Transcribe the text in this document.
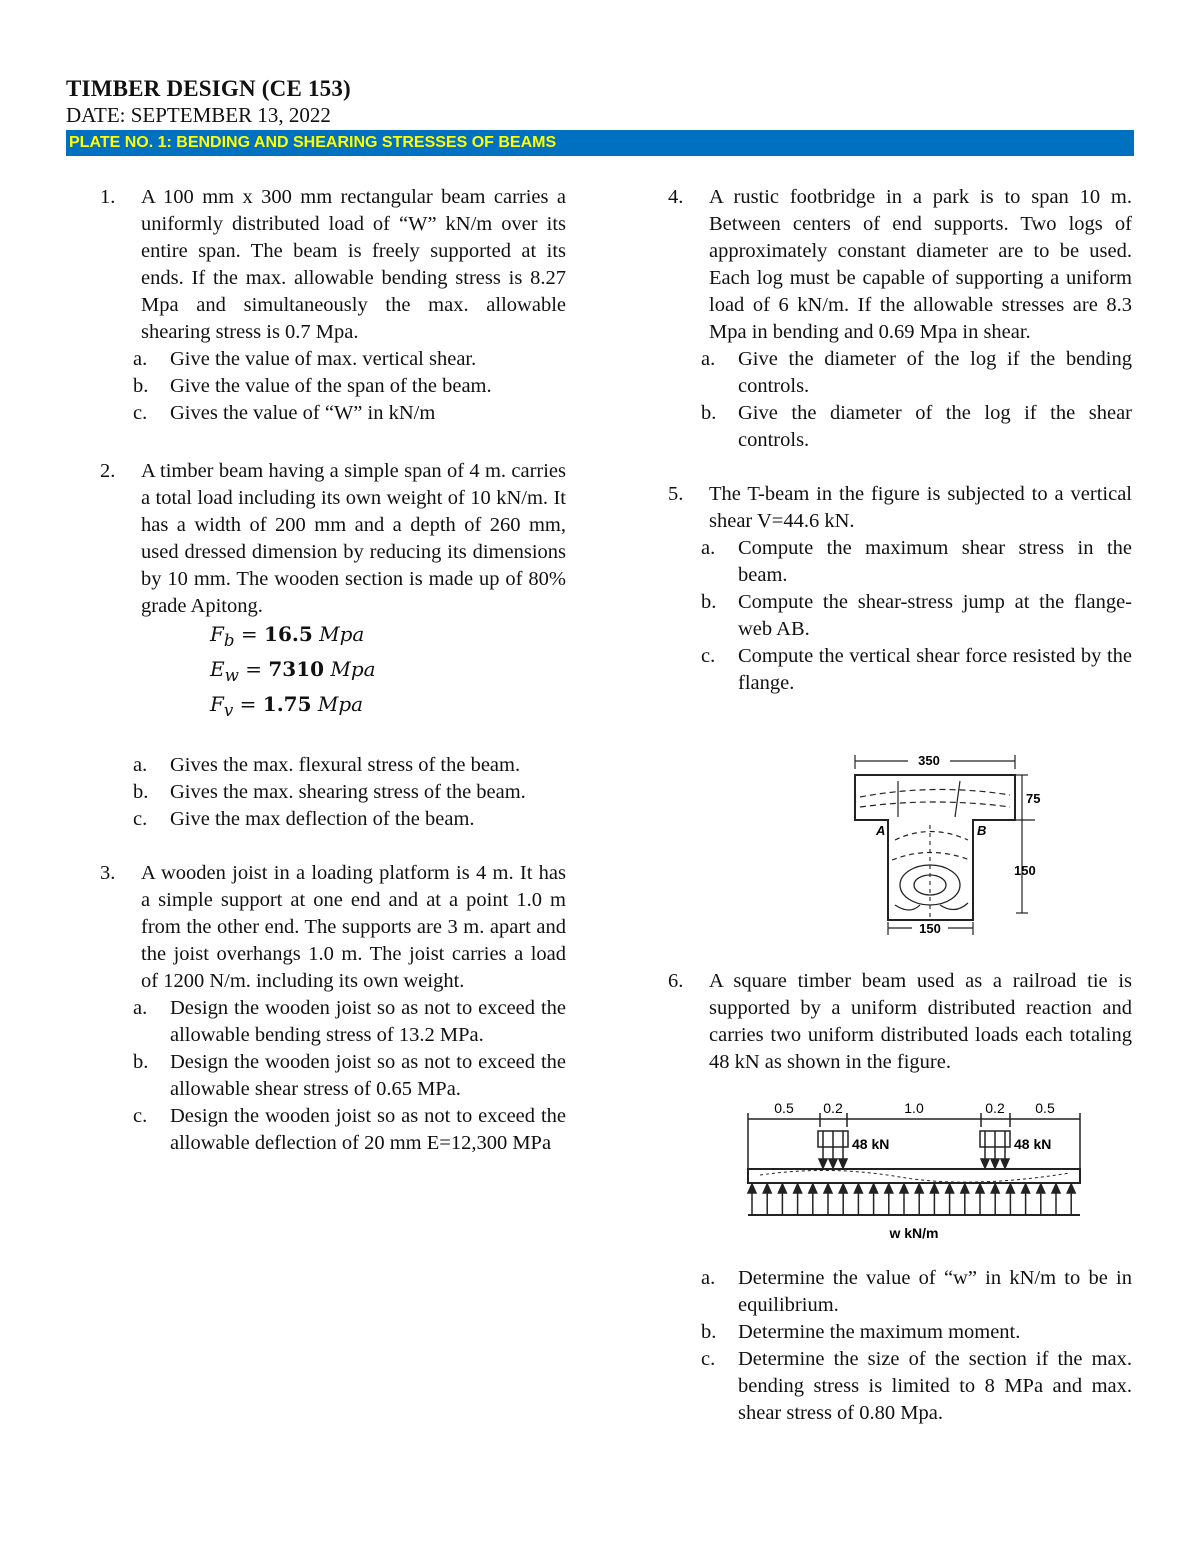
TIMBER DESIGN (CE 153)
DATE: SEPTEMBER 13, 2022
PLATE NO. 1: BENDING AND SHEARING STRESSES OF BEAMS
1. A 100 mm x 300 mm rectangular beam carries a uniformly distributed load of “W” kN/m over its entire span. The beam is freely supported at its ends. If the max. allowable bending stress is 8.27 Mpa and simultaneously the max. allowable shearing stress is 0.7 Mpa.
a. Give the value of max. vertical shear.
b. Give the value of the span of the beam.
c. Gives the value of “W” in kN/m
2. A timber beam having a simple span of 4 m. carries a total load including its own weight of 10 kN/m. It has a width of 200 mm and a depth of 260 mm, used dressed dimension by reducing its dimensions by 10 mm. The wooden section is made up of 80% grade Apitong.
$F_b = 16.5$ Mpa
$E_w = 7310$ Mpa
$F_v = 1.75$ Mpa
a. Gives the max. flexural stress of the beam.
b. Gives the max. shearing stress of the beam.
c. Give the max deflection of the beam.
3. A wooden joist in a loading platform is 4 m. It has a simple support at one end and at a point 1.0 m from the other end. The supports are 3 m. apart and the joist overhangs 1.0 m. The joist carries a load of 1200 N/m. including its own weight.
a. Design the wooden joist so as not to exceed the allowable bending stress of 13.2 MPa.
b. Design the wooden joist so as not to exceed the allowable shear stress of 0.65 MPa.
c. Design the wooden joist so as not to exceed the allowable deflection of 20 mm E=12,300 MPa
4. A rustic footbridge in a park is to span 10 m. Between centers of end supports. Two logs of approximately constant diameter are to be used. Each log must be capable of supporting a uniform load of 6 kN/m. If the allowable stresses are 8.3 Mpa in bending and 0.69 Mpa in shear.
a. Give the diameter of the log if the bending controls.
b. Give the diameter of the log if the shear controls.
5. The T-beam in the figure is subjected to a vertical shear V=44.6 kN.
a. Compute the maximum shear stress in the beam.
b. Compute the shear-stress jump at the flange-web AB.
c. Compute the vertical shear force resisted by the flange.
6. A square timber beam used as a railroad tie is supported by a uniform distributed reaction and carries two uniform distributed loads each totaling 48 kN as shown in the figure.
a. Determine the value of “w” in kN/m to be in equilibrium.
b. Determine the maximum moment.
c. Determine the size of the section if the max. bending stress is limited to 8 MPa and max. shear stress of 0.80 Mpa.
350
75
150
150
A	B
0.5 0.2	1.0	0.2 0.5
48 kN	48 kN
w kN/m
